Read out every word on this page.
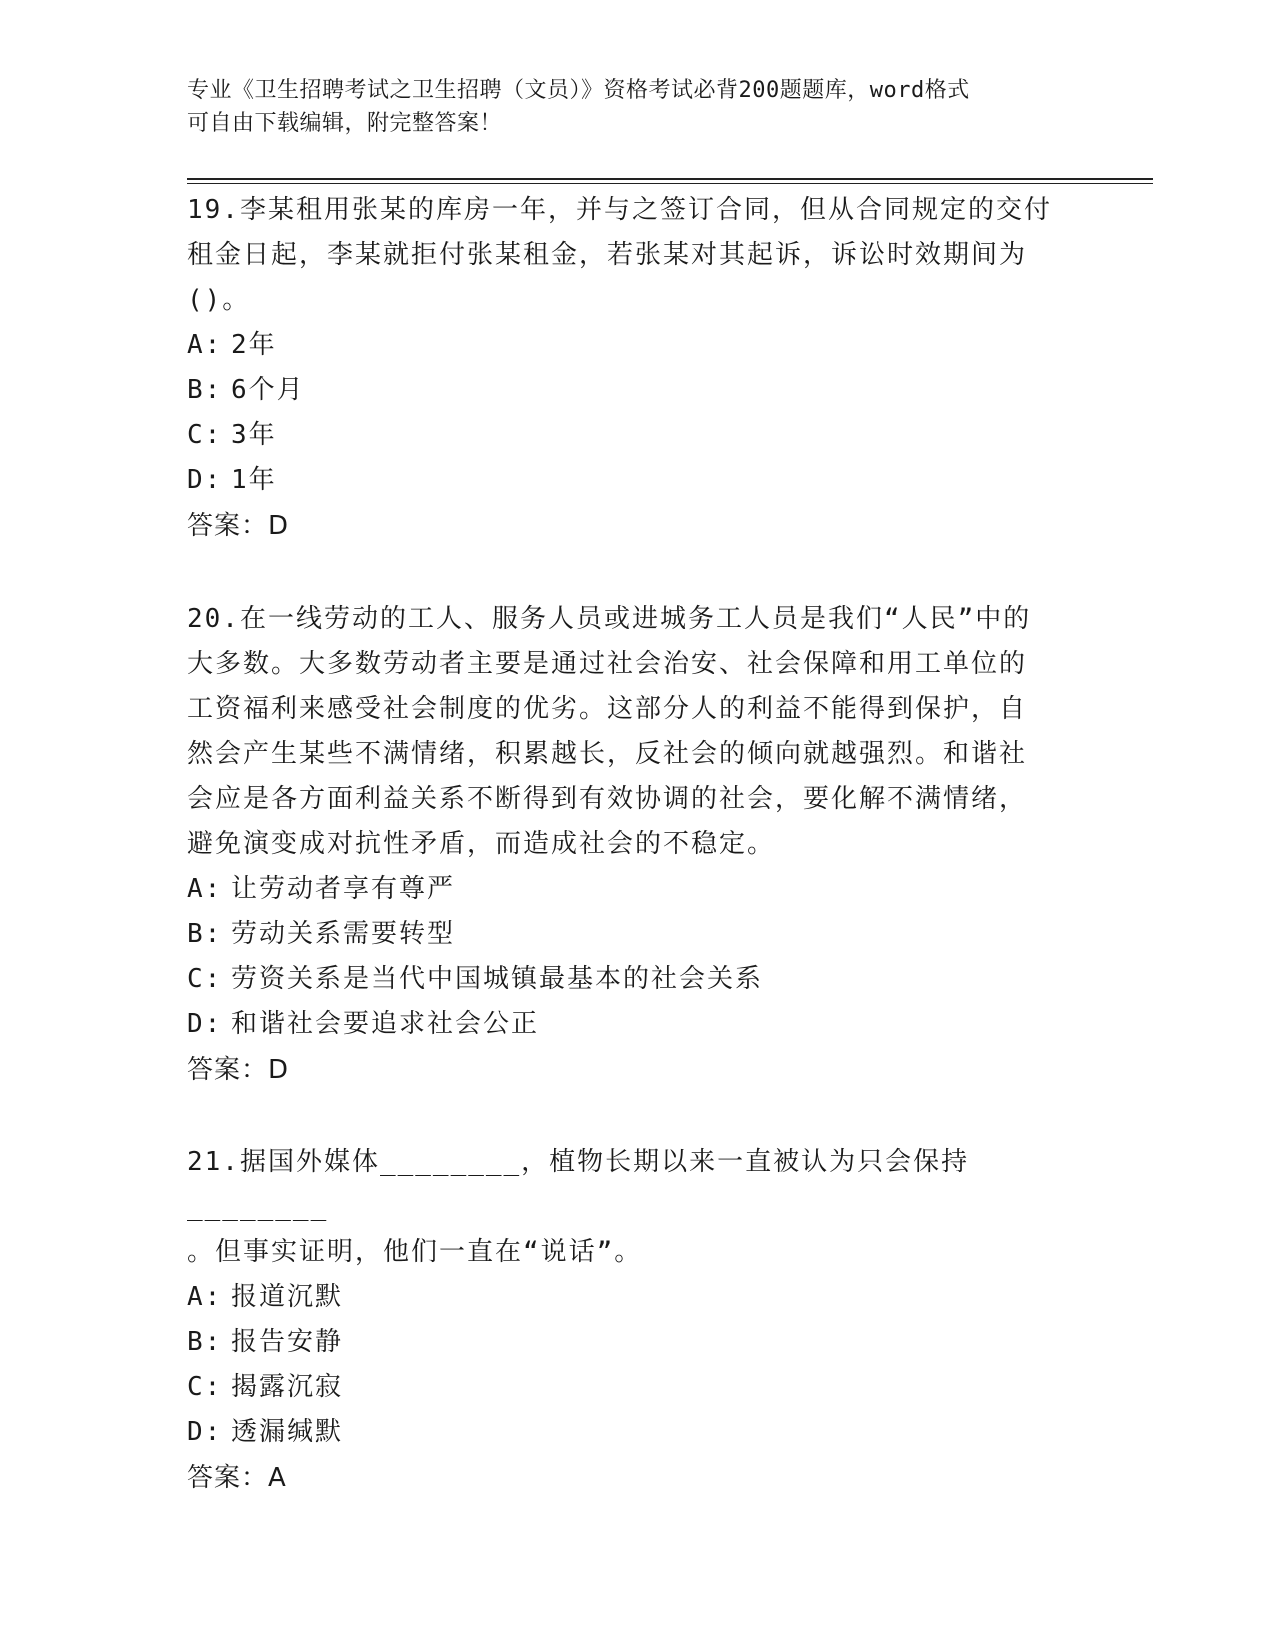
专业《卫生招聘考试之卫生招聘（文员）》资格考试必背200题题库，word格式
可自由下载编辑，附完整答案！

19.李某租用张某的库房一年，并与之签订合同，但从合同规定的交付

租金日起，李某就拒付张某租金，若张某对其起诉，诉讼时效期间为

()。

A: 2年

B: 6个月

C: 3年

D: 1年

答案：D

20.在一线劳动的工人、服务人员或进城务工人员是我们“人民”中的

大多数。大多数劳动者主要是通过社会治安、社会保障和用工单位的

工资福利来感受社会制度的优劣。这部分人的利益不能得到保护，自

然会产生某些不满情绪，积累越长，反社会的倾向就越强烈。和谐社

会应是各方面利益关系不断得到有效协调的社会，要化解不满情绪，

避免演变成对抗性矛盾，而造成社会的不稳定。

A: 让劳动者享有尊严

B: 劳动关系需要转型

C: 劳资关系是当代中国城镇最基本的社会关系

D: 和谐社会要追求社会公正

答案：D

21.据国外媒体________，植物长期以来一直被认为只会保持________

。但事实证明，他们一直在“说话”。

A: 报道沉默

B: 报告安静

C: 揭露沉寂

D: 透漏缄默

答案：A
